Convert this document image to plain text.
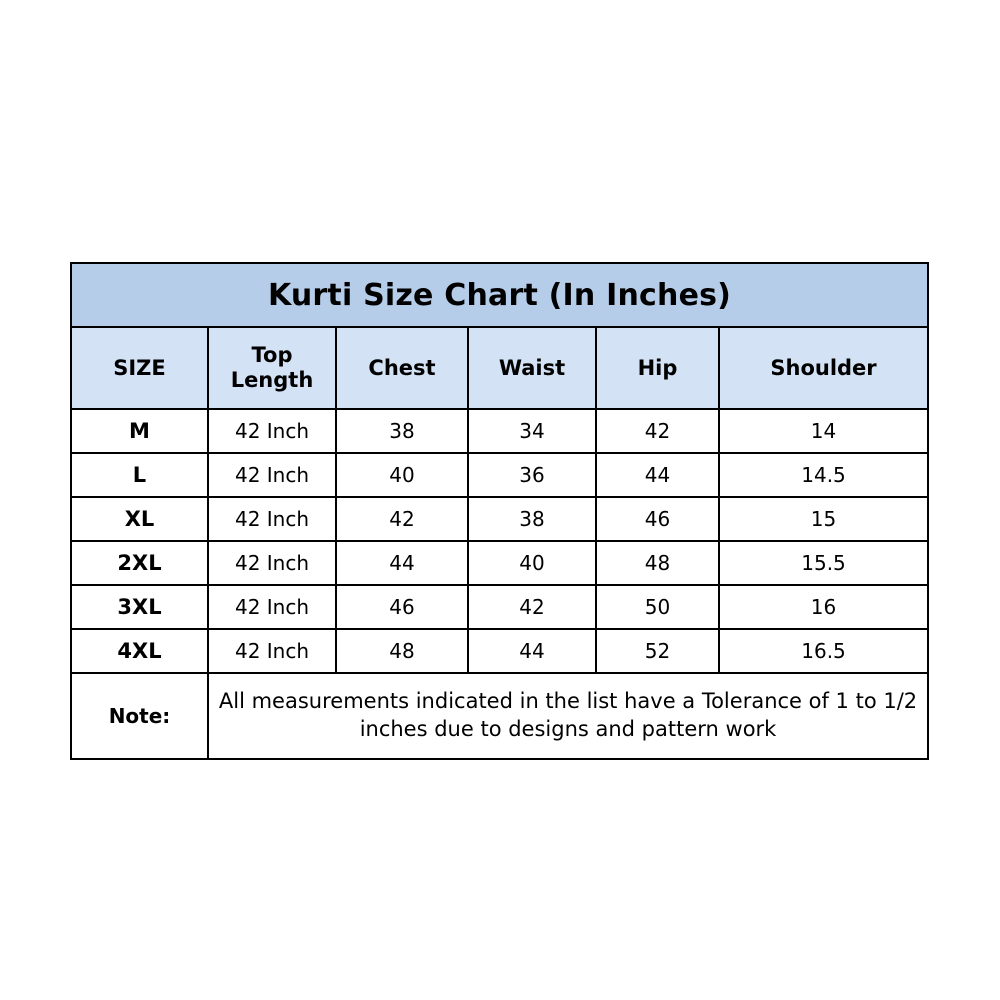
Kurti Size Chart (In Inches)					
SIZE	Top Length	Chest	Waist	Hip	Shoulder
M	42 Inch	38	34	42	14
L	42 Inch	40	36	44	14.5
XL	42 Inch	42	38	46	15
2XL	42 Inch	44	40	48	15.5
3XL	42 Inch	46	42	50	16
4XL	42 Inch	48	44	52	16.5
Note:	All measurements indicated in the list have a Tolerance of 1 to 1/2 inches due to designs and pattern work				
